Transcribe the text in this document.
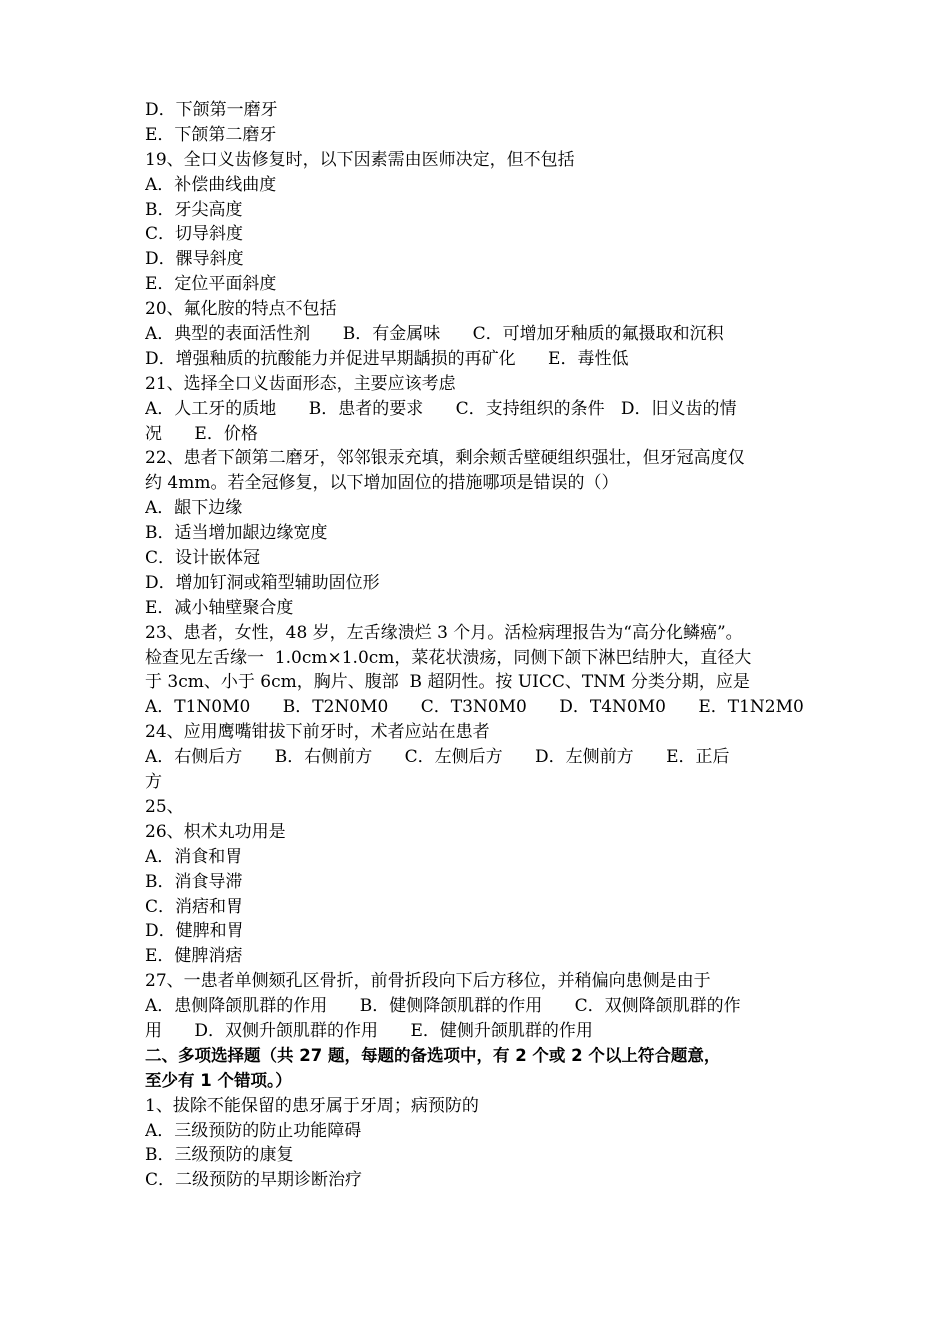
D．下颌第一磨牙
E．下颌第二磨牙
19、全口义齿修复时，以下因素需由医师决定，但不包括
A．补偿曲线曲度
B．牙尖高度
C．切导斜度
D．髁导斜度
E．定位平面斜度
20、氟化胺的特点不包括
A．典型的表面活性剂      B．有金属味      C．可增加牙釉质的氟摄取和沉积
D．增强釉质的抗酸能力并促进早期龋损的再矿化      E．毒性低
21、选择全口义齿面形态，主要应该考虑
A．人工牙的质地      B．患者的要求      C．支持组织的条件   D．旧义齿的情
况      E．价格
22、患者下颌第二磨牙，邻邻银汞充填，剩余颊舌壁硬组织强壮，但牙冠高度仅
约 4mm。若全冠修复，以下增加固位的措施哪项是错误的（）
A．龈下边缘
B．适当增加龈边缘宽度
C．设计嵌体冠
D．增加钉洞或箱型辅助固位形
E．减小轴壁聚合度
23、患者，女性，48 岁，左舌缘溃烂 3 个月。活检病理报告为“高分化鳞癌”。
检查见左舌缘一  1.0cm×1.0cm，菜花状溃疡，同侧下颌下淋巴结肿大，直径大
于 3cm、小于 6cm，胸片、腹部  B 超阴性。按 UICC、TNM 分类分期，应是
A．T1N0M0      B．T2N0M0      C．T3N0M0      D．T4N0M0      E．T1N2M0
24、应用鹰嘴钳拔下前牙时，术者应站在患者
A．右侧后方      B．右侧前方      C．左侧后方      D．左侧前方      E．正后
方
25、
26、枳术丸功用是
A．消食和胃
B．消食导滞
C．消痞和胃
D．健脾和胃
E．健脾消痞
27、一患者单侧颏孔区骨折，前骨折段向下后方移位，并稍偏向患侧是由于
A．患侧降颌肌群的作用      B．健侧降颌肌群的作用      C．双侧降颌肌群的作
用      D．双侧升颌肌群的作用      E．健侧升颌肌群的作用
二、多项选择题（共 27 题，每题的备选项中，有 2 个或 2 个以上符合题意，
至少有 1 个错项。）
1、拔除不能保留的患牙属于牙周；病预防的
A．三级预防的防止功能障碍
B．三级预防的康复
C．二级预防的早期诊断治疗
